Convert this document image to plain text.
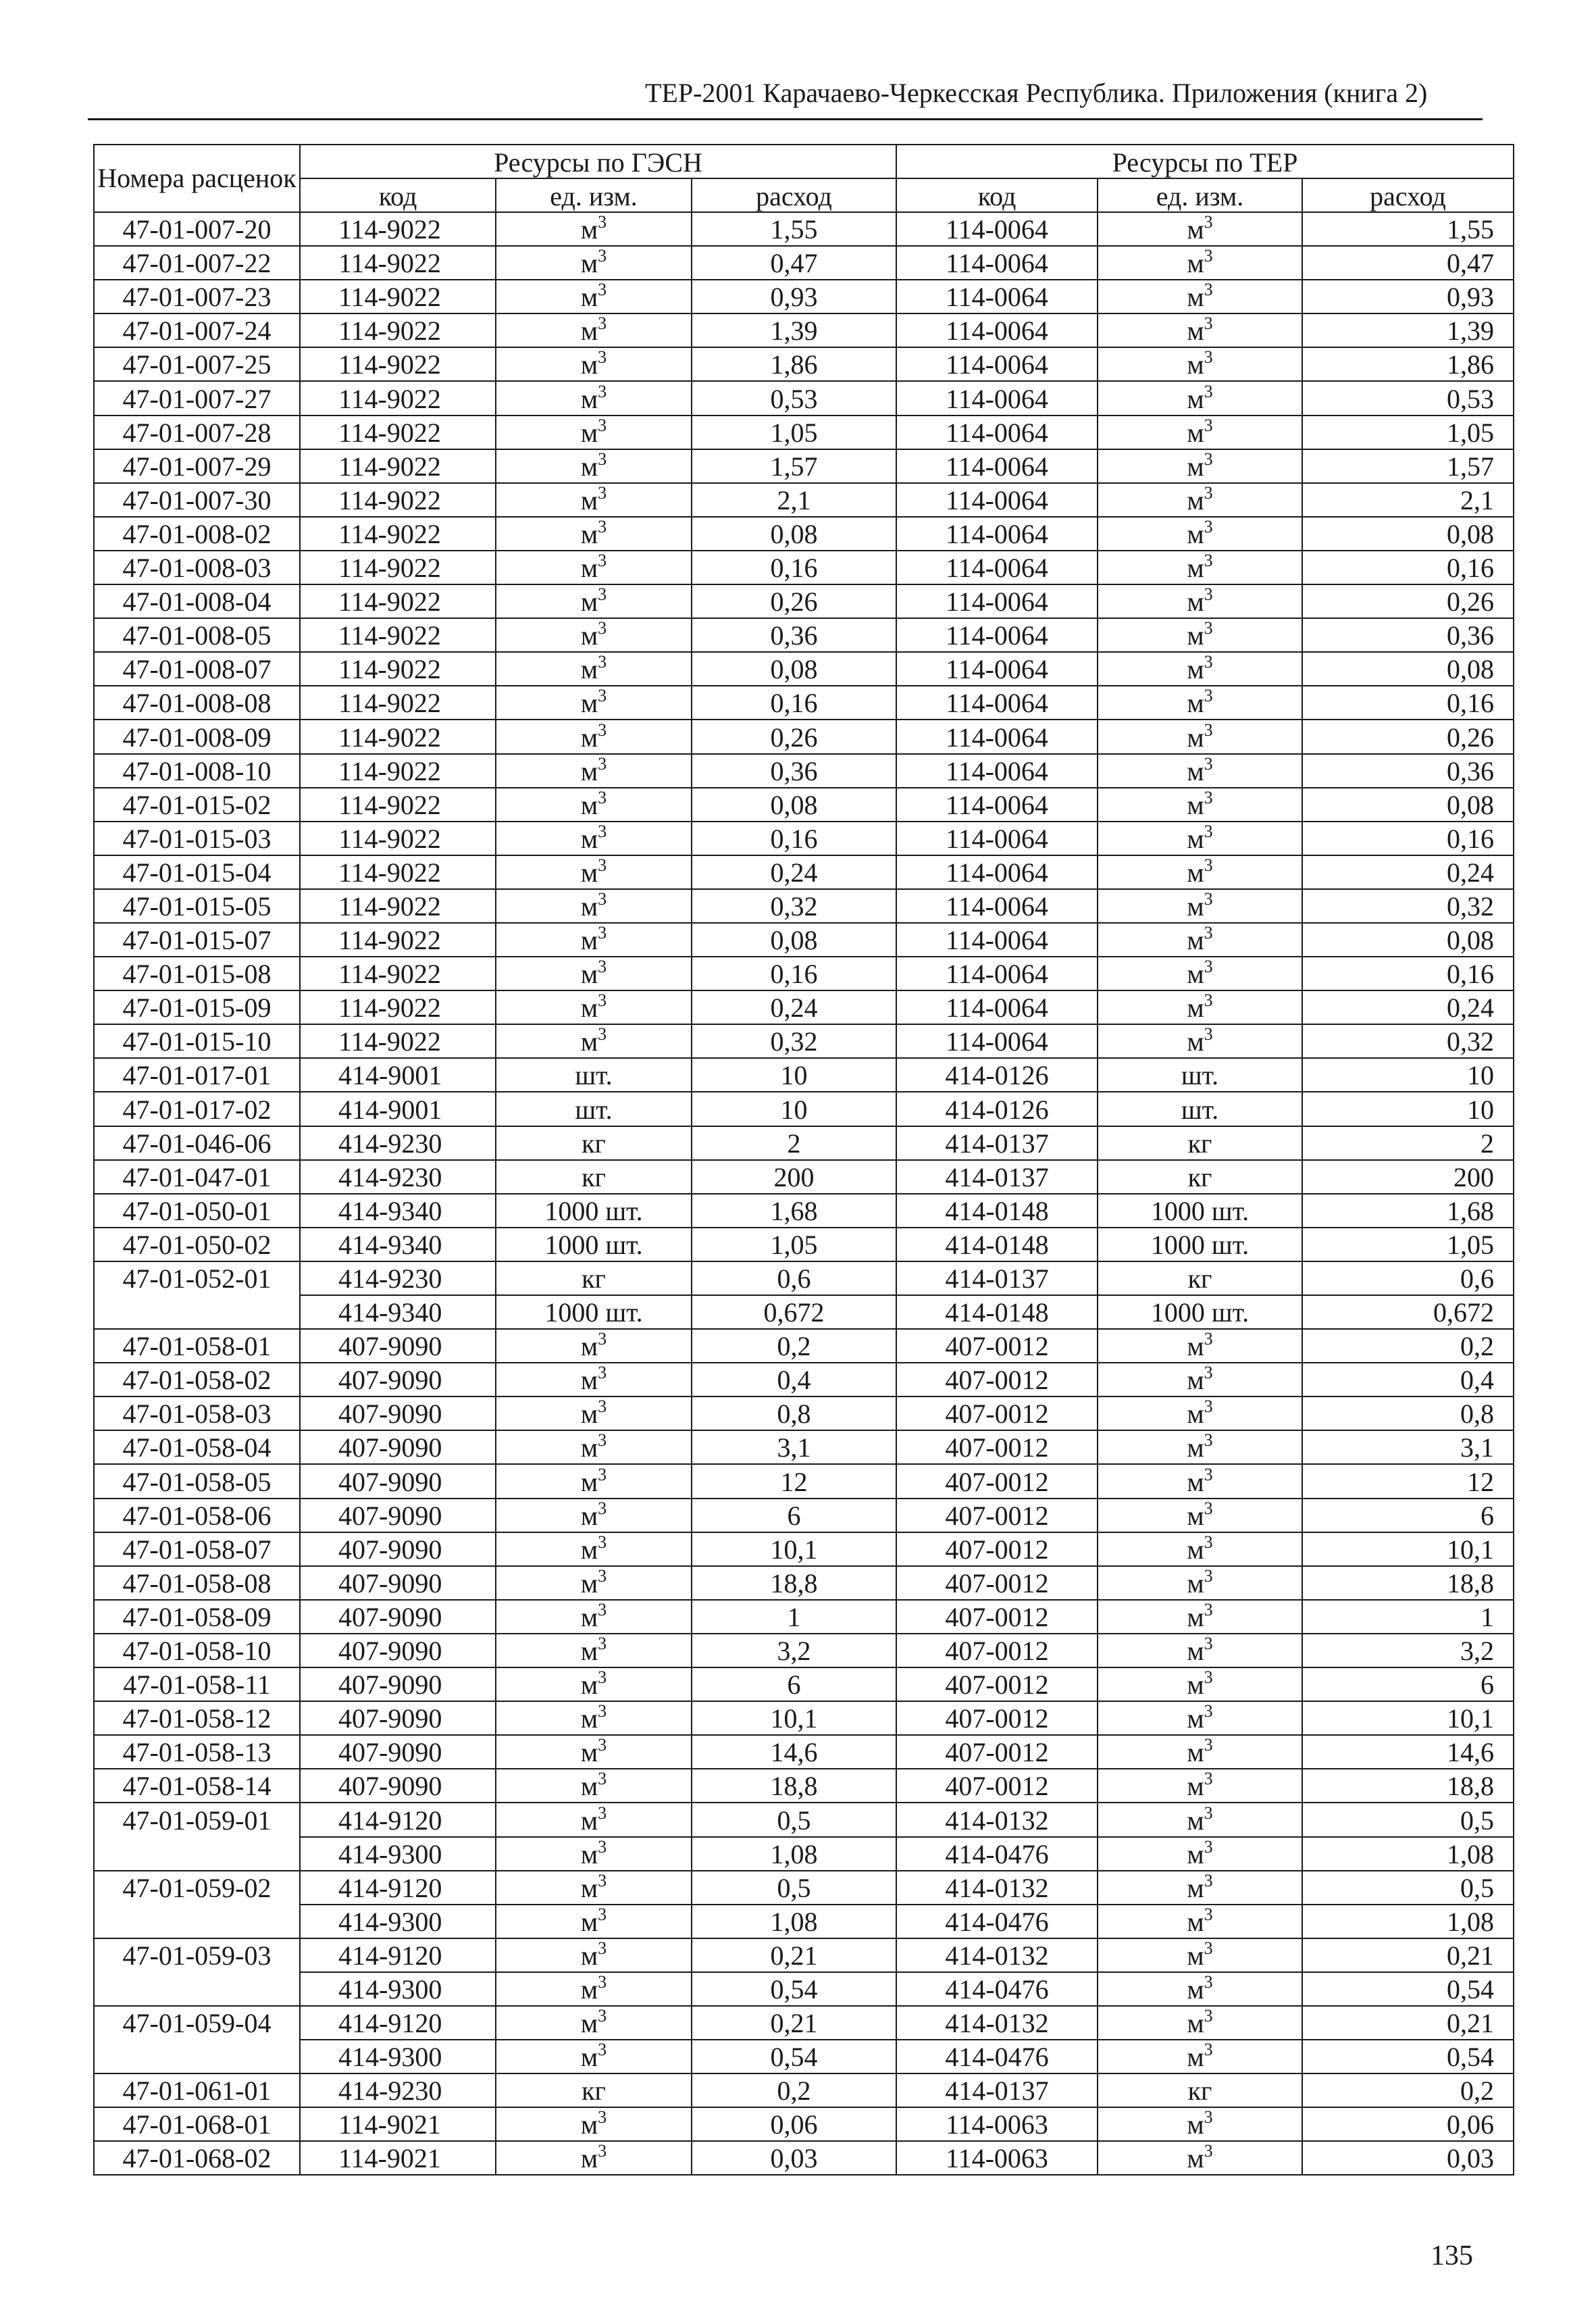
ТЕР-2001 Карачаево-Черкесская Республика. Приложения (книга 2)
Номера расценок	Ресурсы по ГЭСН			Ресурсы по ТЕР		
	код	ед. изм.	расход	код	ед. изм.	расход
47-01-007-20	114-9022	$м^3$	1,55	114-0064	$м^3$	1,55
47-01-007-22	114-9022	$м^3$	0,47	114-0064	$м^3$	0,47
47-01-007-23	114-9022	$м^3$	0,93	114-0064	$м^3$	0,93
47-01-007-24	114-9022	$м^3$	1,39	114-0064	$м^3$	1,39
47-01-007-25	114-9022	$м^3$	1,86	114-0064	$м^3$	1,86
47-01-007-27	114-9022	$м^3$	0,53	114-0064	$м^3$	0,53
47-01-007-28	114-9022	$м^3$	1,05	114-0064	$м^3$	1,05
47-01-007-29	114-9022	$м^3$	1,57	114-0064	$м^3$	1,57
47-01-007-30	114-9022	$м^3$	2,1	114-0064	$м^3$	2,1
47-01-008-02	114-9022	$м^3$	0,08	114-0064	$м^3$	0,08
47-01-008-03	114-9022	$м^3$	0,16	114-0064	$м^3$	0,16
47-01-008-04	114-9022	$м^3$	0,26	114-0064	$м^3$	0,26
47-01-008-05	114-9022	$м^3$	0,36	114-0064	$м^3$	0,36
47-01-008-07	114-9022	$м^3$	0,08	114-0064	$м^3$	0,08
47-01-008-08	114-9022	$м^3$	0,16	114-0064	$м^3$	0,16
47-01-008-09	114-9022	$м^3$	0,26	114-0064	$м^3$	0,26
47-01-008-10	114-9022	$м^3$	0,36	114-0064	$м^3$	0,36
47-01-015-02	114-9022	$м^3$	0,08	114-0064	$м^3$	0,08
47-01-015-03	114-9022	$м^3$	0,16	114-0064	$м^3$	0,16
47-01-015-04	114-9022	$м^3$	0,24	114-0064	$м^3$	0,24
47-01-015-05	114-9022	$м^3$	0,32	114-0064	$м^3$	0,32
47-01-015-07	114-9022	$м^3$	0,08	114-0064	$м^3$	0,08
47-01-015-08	114-9022	$м^3$	0,16	114-0064	$м^3$	0,16
47-01-015-09	114-9022	$м^3$	0,24	114-0064	$м^3$	0,24
47-01-015-10	114-9022	$м^3$	0,32	114-0064	$м^3$	0,32
47-01-017-01	414-9001	шт.	10	414-0126	шт.	10
47-01-017-02	414-9001	шт.	10	414-0126	шт.	10
47-01-046-06	414-9230	кг	2	414-0137	кг	2
47-01-047-01	414-9230	кг	200	414-0137	кг	200
47-01-050-01	414-9340	1000 шт.	1,68	414-0148	1000 шт.	1,68
47-01-050-02	414-9340	1000 шт.	1,05	414-0148	1000 шт.	1,05
47-01-052-01	414-9230	кг	0,6	414-0137	кг	0,6
	414-9340	1000 шт.	0,672	414-0148	1000 шт.	0,672
47-01-058-01	407-9090	$м^3$	0,2	407-0012	$м^3$	0,2
47-01-058-02	407-9090	$м^3$	0,4	407-0012	$м^3$	0,4
47-01-058-03	407-9090	$м^3$	0,8	407-0012	$м^3$	0,8
47-01-058-04	407-9090	$м^3$	3,1	407-0012	$м^3$	3,1
47-01-058-05	407-9090	$м^3$	12	407-0012	$м^3$	12
47-01-058-06	407-9090	$м^3$	6	407-0012	$м^3$	6
47-01-058-07	407-9090	$м^3$	10,1	407-0012	$м^3$	10,1
47-01-058-08	407-9090	$м^3$	18,8	407-0012	$м^3$	18,8
47-01-058-09	407-9090	$м^3$	1	407-0012	$м^3$	1
47-01-058-10	407-9090	$м^3$	3,2	407-0012	$м^3$	3,2
47-01-058-11	407-9090	$м^3$	6	407-0012	$м^3$	6
47-01-058-12	407-9090	$м^3$	10,1	407-0012	$м^3$	10,1
47-01-058-13	407-9090	$м^3$	14,6	407-0012	$м^3$	14,6
47-01-058-14	407-9090	$м^3$	18,8	407-0012	$м^3$	18,8
47-01-059-01	414-9120	$м^3$	0,5	414-0132	$м^3$	0,5
	414-9300	$м^3$	1,08	414-0476	$м^3$	1,08
47-01-059-02	414-9120	$м^3$	0,5	414-0132	$м^3$	0,5
	414-9300	$м^3$	1,08	414-0476	$м^3$	1,08
47-01-059-03	414-9120	$м^3$	0,21	414-0132	$м^3$	0,21
	414-9300	$м^3$	0,54	414-0476	$м^3$	0,54
47-01-059-04	414-9120	$м^3$	0,21	414-0132	$м^3$	0,21
	414-9300	$м^3$	0,54	414-0476	$м^3$	0,54
47-01-061-01	414-9230	кг	0,2	414-0137	кг	0,2
47-01-068-01	114-9021	$м^3$	0,06	114-0063	$м^3$	0,06
47-01-068-02	114-9021	$м^3$	0,03	114-0063	$м^3$	0,03
135
